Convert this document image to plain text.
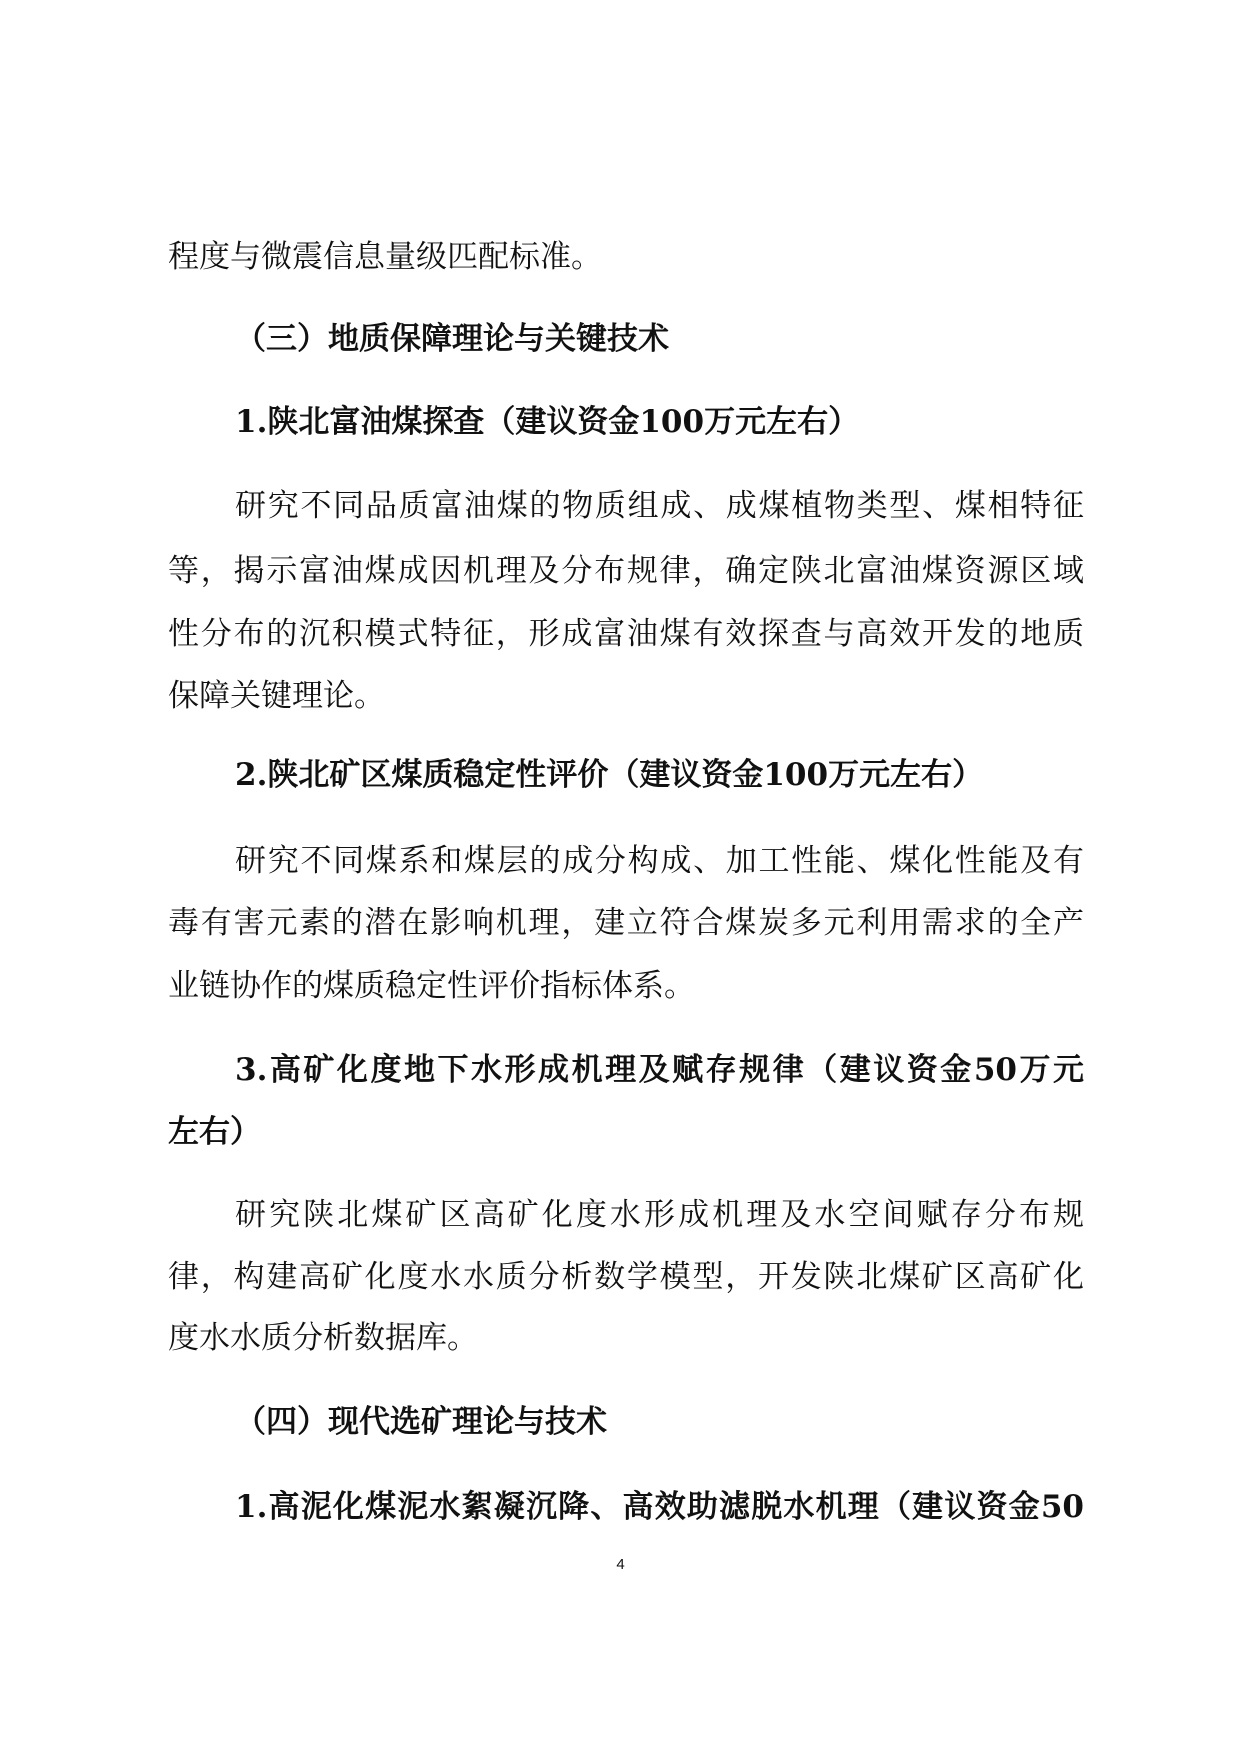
程度与微震信息量级匹配标准。
（三）地质保障理论与关键技术
1.陕北富油煤探查（建议资金100万元左右）
研究不同品质富油煤的物质组成、成煤植物类型、煤相特征
等，揭示富油煤成因机理及分布规律，确定陕北富油煤资源区域
性分布的沉积模式特征，形成富油煤有效探查与高效开发的地质
保障关键理论。
2.陕北矿区煤质稳定性评价（建议资金100万元左右）
研究不同煤系和煤层的成分构成、加工性能、煤化性能及有
毒有害元素的潜在影响机理，建立符合煤炭多元利用需求的全产
业链协作的煤质稳定性评价指标体系。
3.高矿化度地下水形成机理及赋存规律（建议资金50万元
左右）
研究陕北煤矿区高矿化度水形成机理及水空间赋存分布规
律，构建高矿化度水水质分析数学模型，开发陕北煤矿区高矿化
度水水质分析数据库。
（四）现代选矿理论与技术
1.高泥化煤泥水絮凝沉降、高效助滤脱水机理（建议资金50
4
